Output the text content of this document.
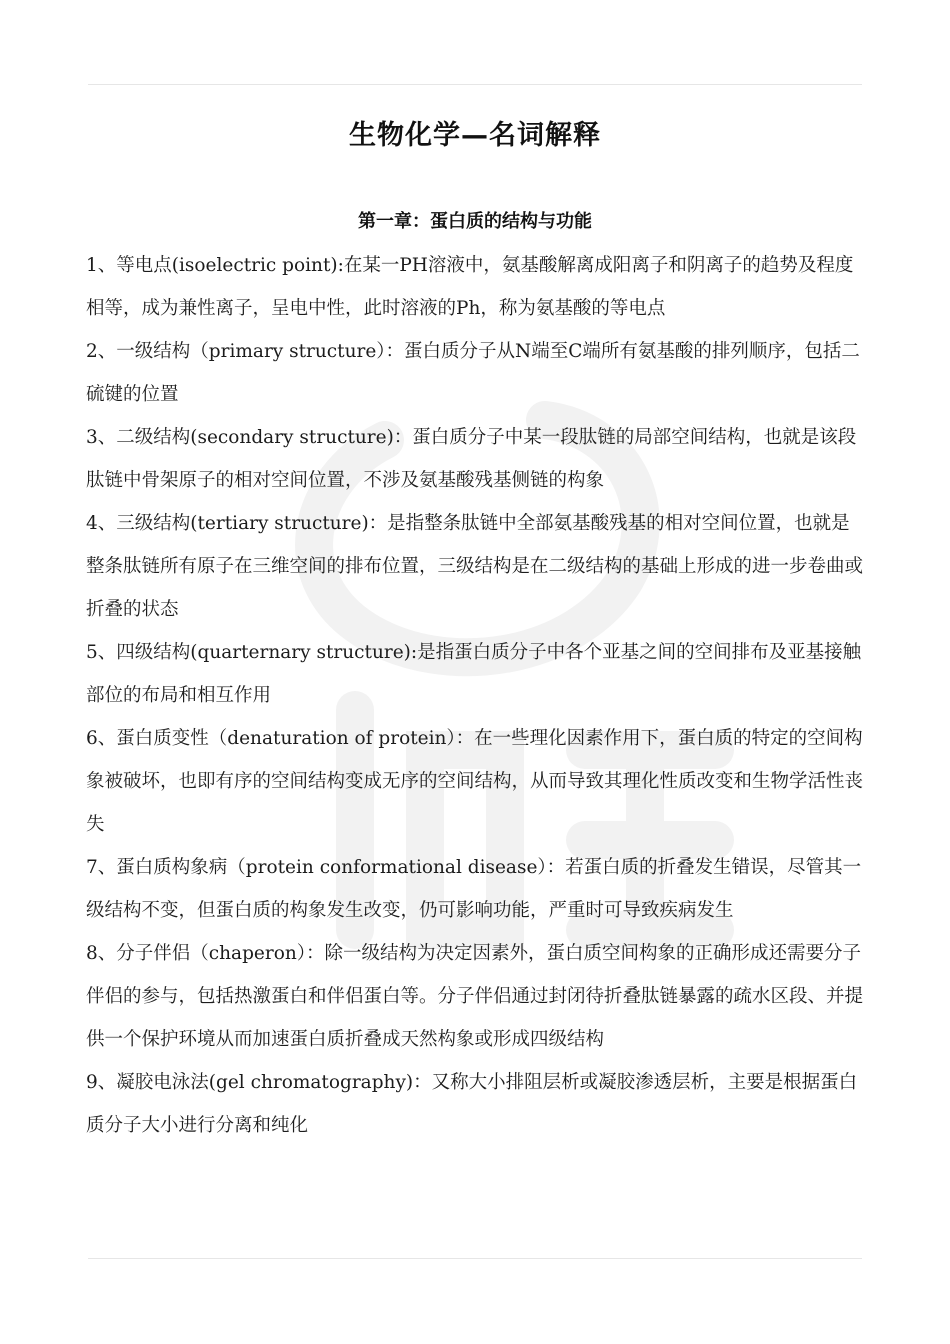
生物化学—名词解释
第一章：蛋白质的结构与功能

1、等电点(isoelectric point):在某一PH溶液中，氨基酸解离成阳离子和阴离子的趋势及程度相等，成为兼性离子，呈电中性，此时溶液的Ph，称为氨基酸的等电点

2、一级结构（primary structure）：蛋白质分子从N端至C端所有氨基酸的排列顺序，包括二硫键的位置

3、二级结构(secondary structure)：蛋白质分子中某一段肽链的局部空间结构，也就是该段肽链中骨架原子的相对空间位置，不涉及氨基酸残基侧链的构象

4、三级结构(tertiary structure)：是指整条肽链中全部氨基酸残基的相对空间位置，也就是整条肽链所有原子在三维空间的排布位置，三级结构是在二级结构的基础上形成的进一步卷曲或折叠的状态

5、四级结构(quarternary structure):是指蛋白质分子中各个亚基之间的空间排布及亚基接触部位的布局和相互作用

6、蛋白质变性（denaturation of protein）：在一些理化因素作用下，蛋白质的特定的空间构象被破坏，也即有序的空间结构变成无序的空间结构，从而导致其理化性质改变和生物学活性丧失

7、蛋白质构象病（protein conformational disease）：若蛋白质的折叠发生错误，尽管其一级结构不变，但蛋白质的构象发生改变，仍可影响功能，严重时可导致疾病发生

8、分子伴侣（chaperon）：除一级结构为决定因素外，蛋白质空间构象的正确形成还需要分子伴侣的参与，包括热激蛋白和伴侣蛋白等。分子伴侣通过封闭待折叠肽链暴露的疏水区段、并提供一个保护环境从而加速蛋白质折叠成天然构象或形成四级结构

9、凝胶电泳法(gel chromatography)：又称大小排阻层析或凝胶渗透层析，主要是根据蛋白质分子大小进行分离和纯化
